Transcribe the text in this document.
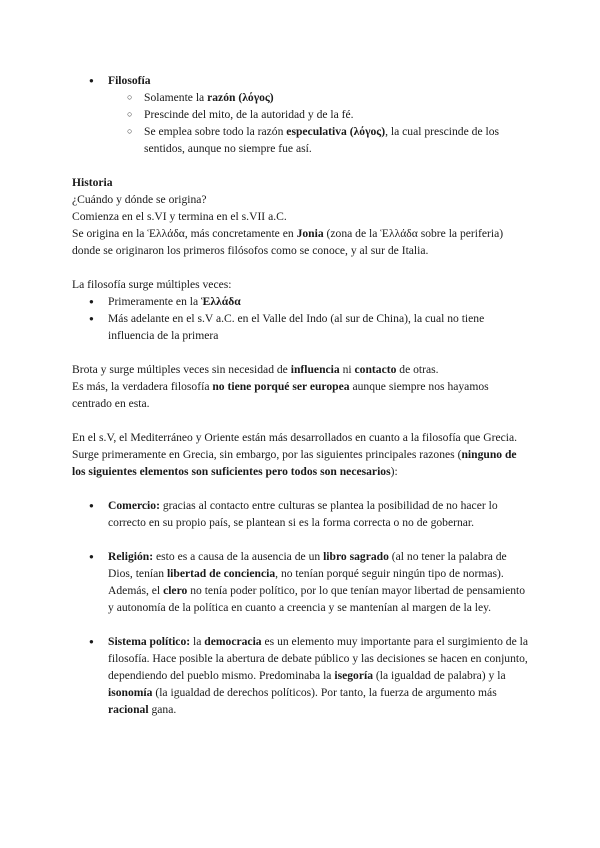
● Filosofía
○ Solamente la razón (λόγος)
○ Prescinde del mito, de la autoridad y de la fé.
○ Se emplea sobre todo la razón especulativa (λόγος), la cual prescinde de los sentidos, aunque no siempre fue así.

Historia

¿Cuándo y dónde se origina?

Comienza en el s.VI y termina en el s.VII a.C.

Se origina en la Ἑλλάδα, más concretamente en Jonia (zona de la Ἑλλάδα sobre la periferia) donde se originaron los primeros filósofos como se conoce, y al sur de Italia.

La filosofía surge múltiples veces:

● Primeramente en la Ἑλλάδα
● Más adelante en el s.V a.C. en el Valle del Indo (al sur de China), la cual no tiene influencia de la primera

Brota y surge múltiples veces sin necesidad de influencia ni contacto de otras.

Es más, la verdadera filosofía no tiene porqué ser europea aunque siempre nos hayamos centrado en esta.

En el s.V, el Mediterráneo y Oriente están más desarrollados en cuanto a la filosofía que Grecia.

Surge primeramente en Grecia, sin embargo, por las siguientes principales razones (ninguno de los siguientes elementos son suficientes pero todos son necesarios):

● Comercio: gracias al contacto entre culturas se plantea la posibilidad de no hacer lo correcto en su propio país, se plantean si es la forma correcta o no de gobernar.
● Religión: esto es a causa de la ausencia de un libro sagrado (al no tener la palabra de Dios, tenían libertad de conciencia, no tenían porqué seguir ningún tipo de normas). Además, el clero no tenía poder político, por lo que tenían mayor libertad de pensamiento y autonomía de la política en cuanto a creencia y se mantenían al margen de la ley.
● Sistema político: la democracia es un elemento muy importante para el surgimiento de la filosofía. Hace posible la abertura de debate público y las decisiones se hacen en conjunto, dependiendo del pueblo mismo. Predominaba la isegoría (la igualdad de palabra) y la isonomía (la igualdad de derechos políticos). Por tanto, la fuerza de argumento más racional gana.
